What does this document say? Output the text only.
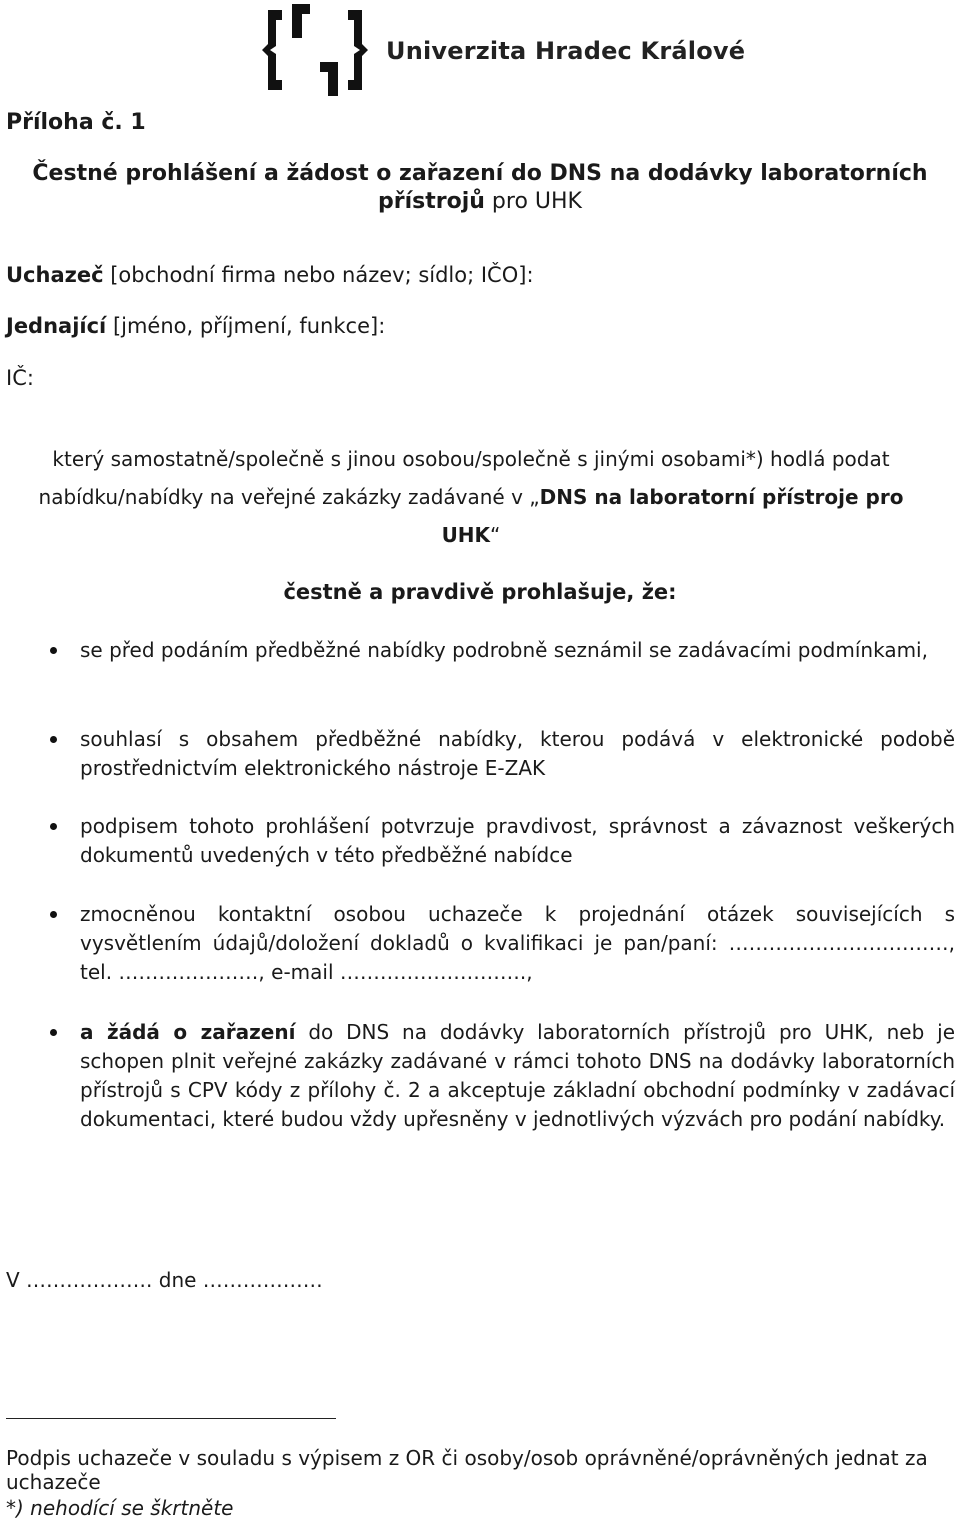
Univerzita Hradec Králové
Příloha č. 1
Čestné prohlášení a žádost o zařazení do DNS na dodávky laboratorních
přístrojů pro UHK
Uchazeč [obchodní firma nebo název; sídlo; IČO]:
Jednající [jméno, příjmení, funkce]:
IČ:
který samostatně/společně s jinou osobou/společně s jinými osobami*) hodlá podat
nabídku/nabídky na veřejné zakázky zadávané v „DNS na laboratorní přístroje pro
UHK“
čestně a pravdivě prohlašuje, že:
se před podáním předběžné nabídky podrobně seznámil se zadávacími podmínkami,
souhlasí s obsahem předběžné nabídky, kterou podává v elektronické podobě prostřednictvím elektronického nástroje E-ZAK
podpisem tohoto prohlášení potvrzuje pravdivost, správnost a závaznost veškerých dokumentů uvedených v této předběžné nabídce
zmocněnou kontaktní osobou uchazeče k projednání otázek souvisejících s vysvětlením údajů/doložení dokladů o kvalifikaci je pan/paní: ……………………………, tel. …………………, e-mail ……………………….,
a žádá o zařazení do DNS na dodávky laboratorních přístrojů pro UHK, neb je schopen plnit veřejné zakázky zadávané v rámci tohoto DNS na dodávky laboratorních přístrojů s CPV kódy z přílohy č. 2 a akceptuje základní obchodní podmínky v zadávací dokumentaci, které budou vždy upřesněny v jednotlivých výzvách pro podání nabídky.
V ………………. dne ………………
Podpis uchazeče v souladu s výpisem z OR či osoby/osob oprávněné/oprávněných jednat za uchazeče
*) nehodící se škrtněte
